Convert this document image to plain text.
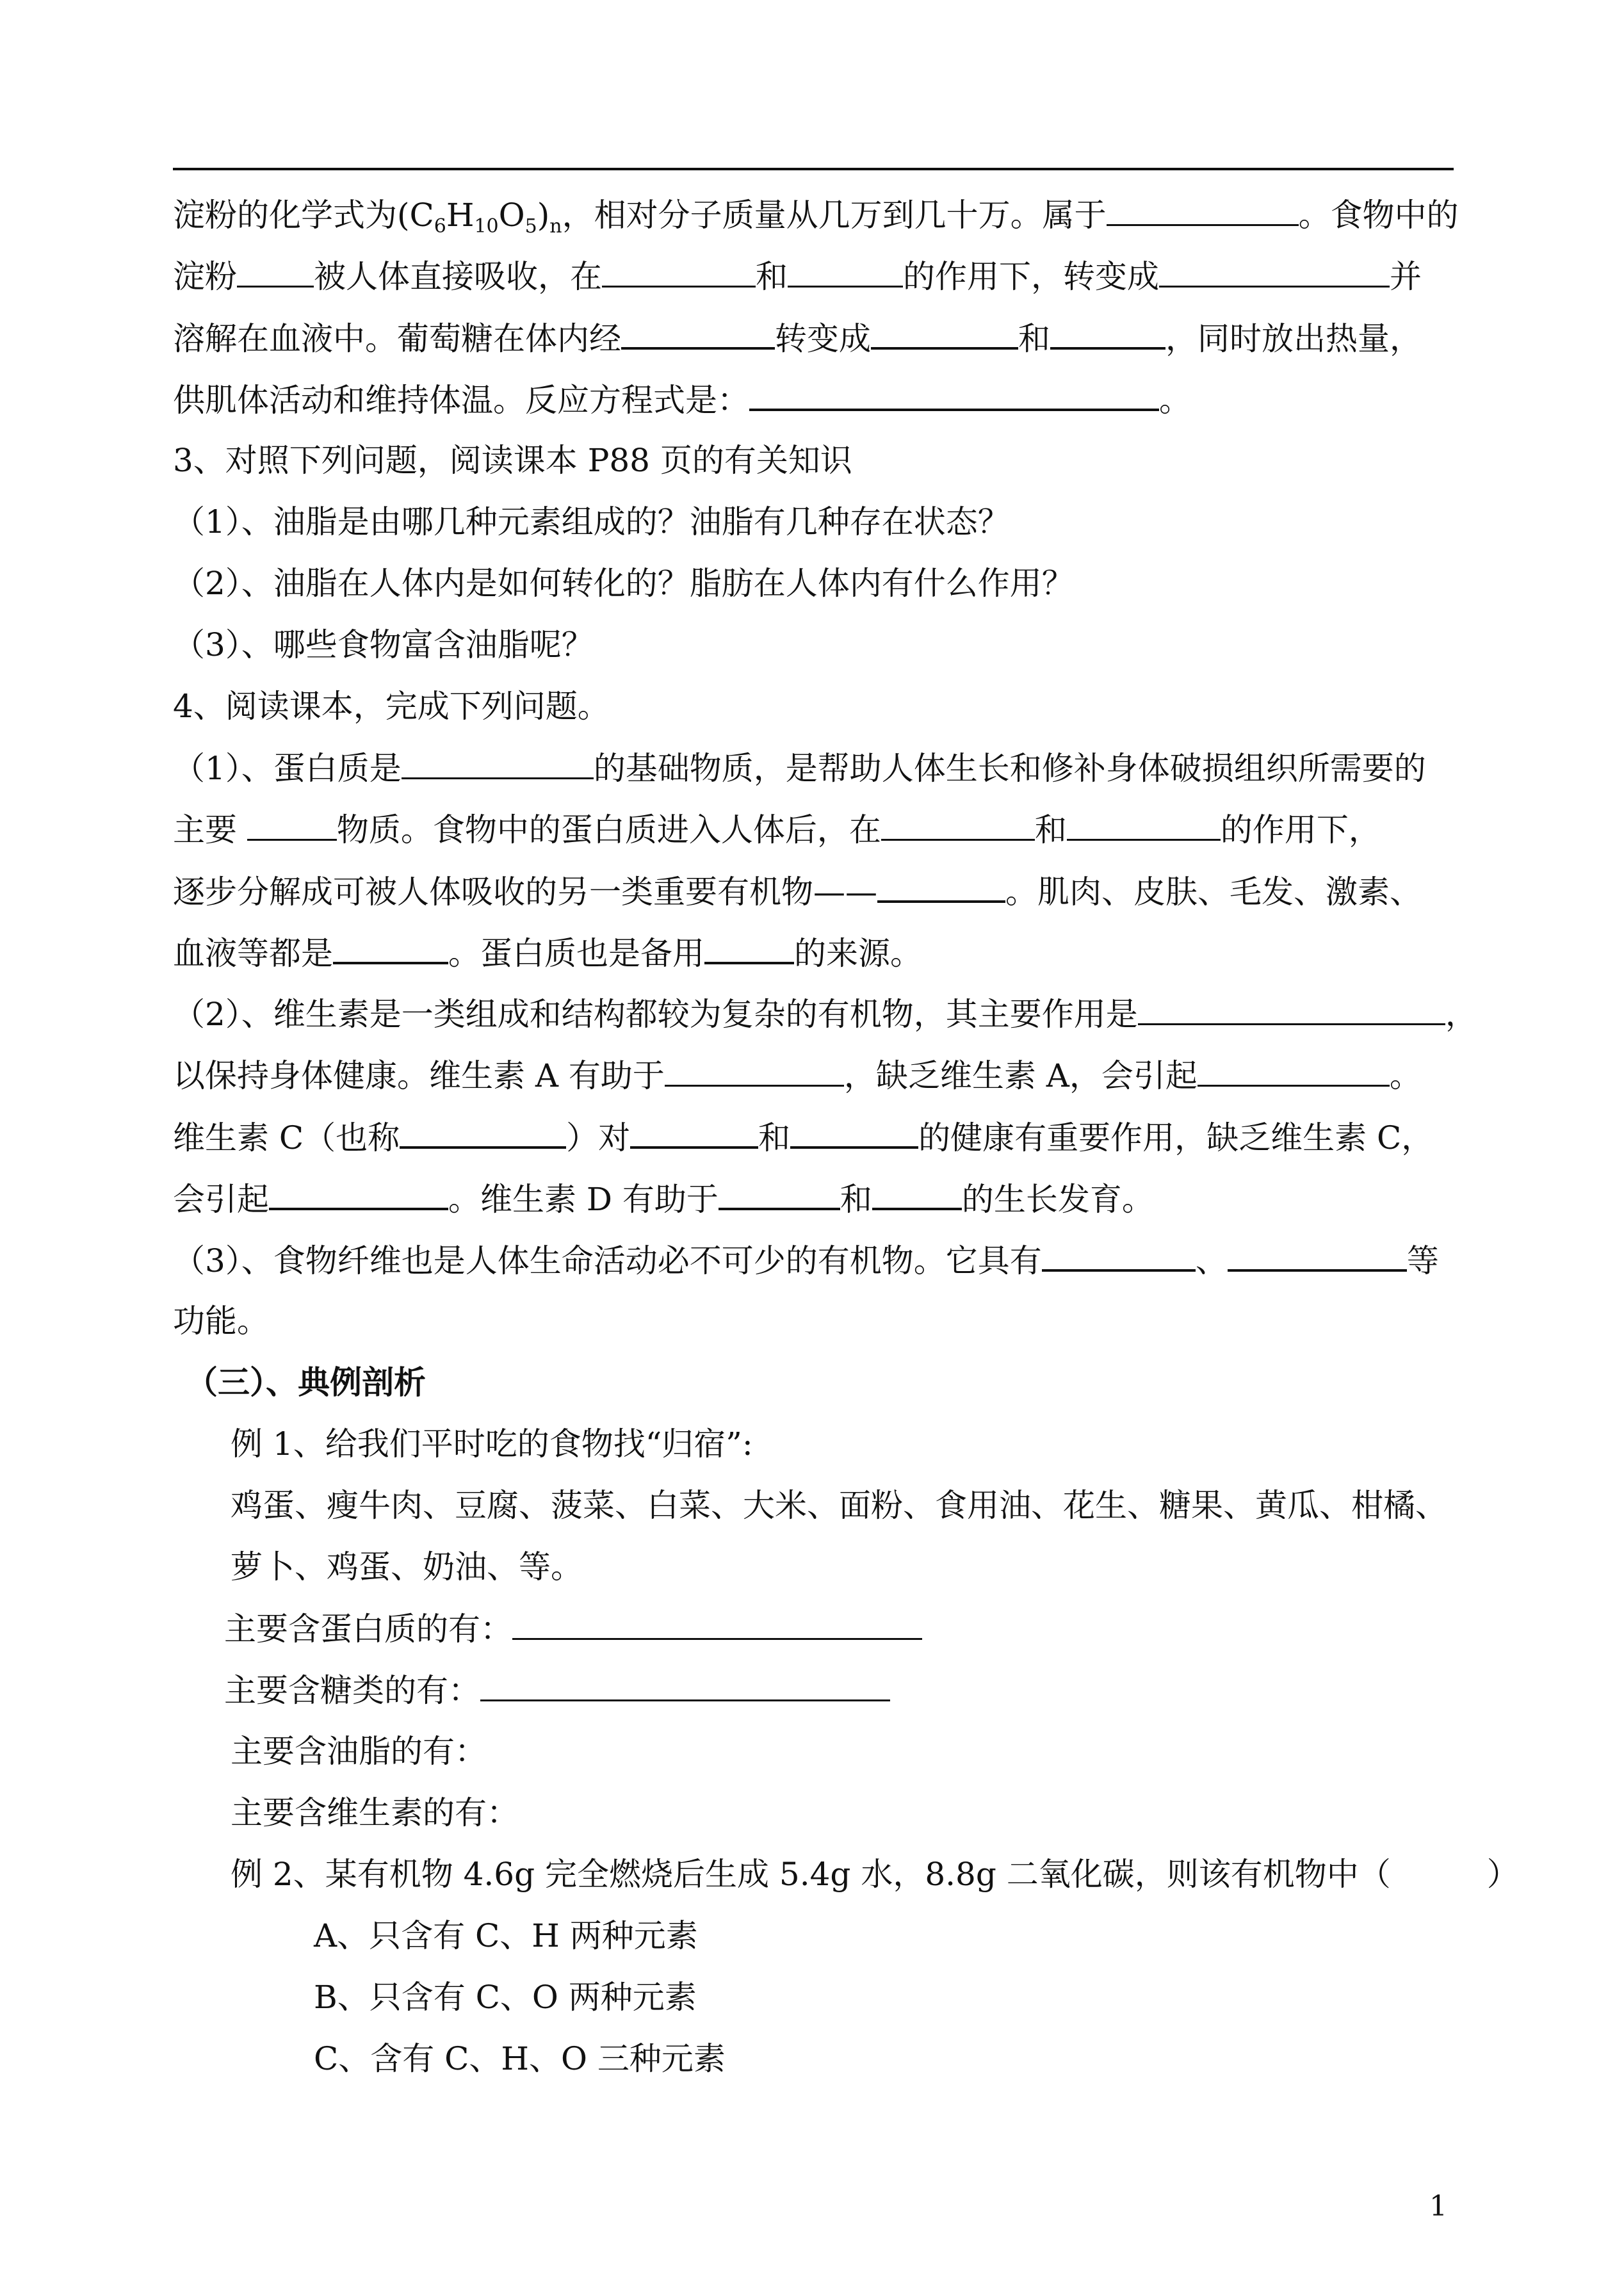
淀粉的化学式为$(C_6H_{10}O_5)_n$，相对分子质量从几万到几十万。属于	。食物中的
淀粉 被人体直接吸收，在	和	的作用下，转变成	并
溶解在血液中。葡萄糖在体内经	转变成	和	，同时放出热量，
供肌体活动和维持体温。反应方程式是：	。
3、对照下列问题，阅读课本 P88 页的有关知识
（1）、油脂是由哪几种元素组成的？油脂有几种存在状态？
（2）、油脂在人体内是如何转化的？脂肪在人体内有什么作用？
（3）、哪些食物富含油脂呢？
4、阅读课本，完成下列问题。
（1）、蛋白质是	的基础物质，是帮助人体生长和修补身体破损组织所需要的
主要	物质。食物中的蛋白质进入人体后，在	和	的作用下，
逐步分解成可被人体吸收的另一类重要有机物——	。肌肉、皮肤、毛发、激素、
血液等都是	。蛋白质也是备用	的来源。
（2）、维生素是一类组成和结构都较为复杂的有机物，其主要作用是	，
以保持身体健康。维生素 A 有助于	，缺乏维生素 A，会引起	。
维生素 C（也称	）对	和	的健康有重要作用，缺乏维生素 C，
会引起	。维生素 D 有助于	和	的生长发育。
（3）、食物纤维也是人体生命活动必不可少的有机物。它具有	、	等
功能。
（三）、典例剖析
例 1、给我们平时吃的食物找“归宿”:
鸡蛋、瘦牛肉、豆腐、菠菜、白菜、大米、面粉、食用油、花生、糖果、黄瓜、柑橘、
萝卜、鸡蛋、奶油、等。
主要含蛋白质的有：
主要含糖类的有：
主要含油脂的有：
主要含维生素的有：
例 2、某有机物 4.6g 完全燃烧后生成 5.4g 水，8.8g 二氧化碳，则该有机物中（	）
A、只含有 C、H 两种元素
B、只含有 C、O 两种元素
C、含有 C、H、O 三种元素
1
